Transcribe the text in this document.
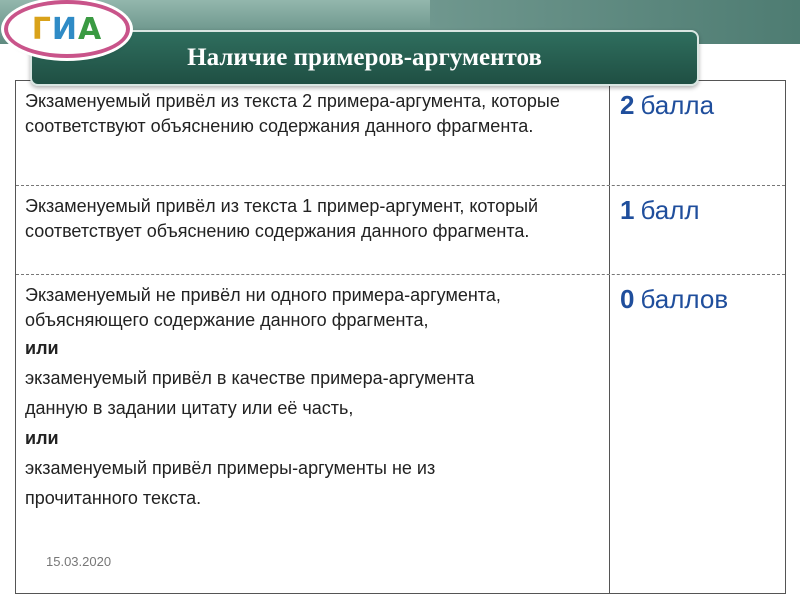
ГИА
Наличие примеров-аргументов
Экзаменуемый привёл из текста 2 примера-аргумента, которые соответствуют объяснению содержания данного фрагмента.
2 балла
Экзаменуемый привёл из текста 1 пример-аргумент, который соответствует объяснению содержания данного фрагмента.
1 балл
Экзаменуемый не привёл ни одного примера-аргумента, объясняющего содержание данного фрагмента,
или
экзаменуемый привёл в качестве примера-аргумента
данную в задании цитату или её часть,
или
экзаменуемый привёл примеры-аргументы не из
прочитанного текста.
0 баллов
15.03.2020
